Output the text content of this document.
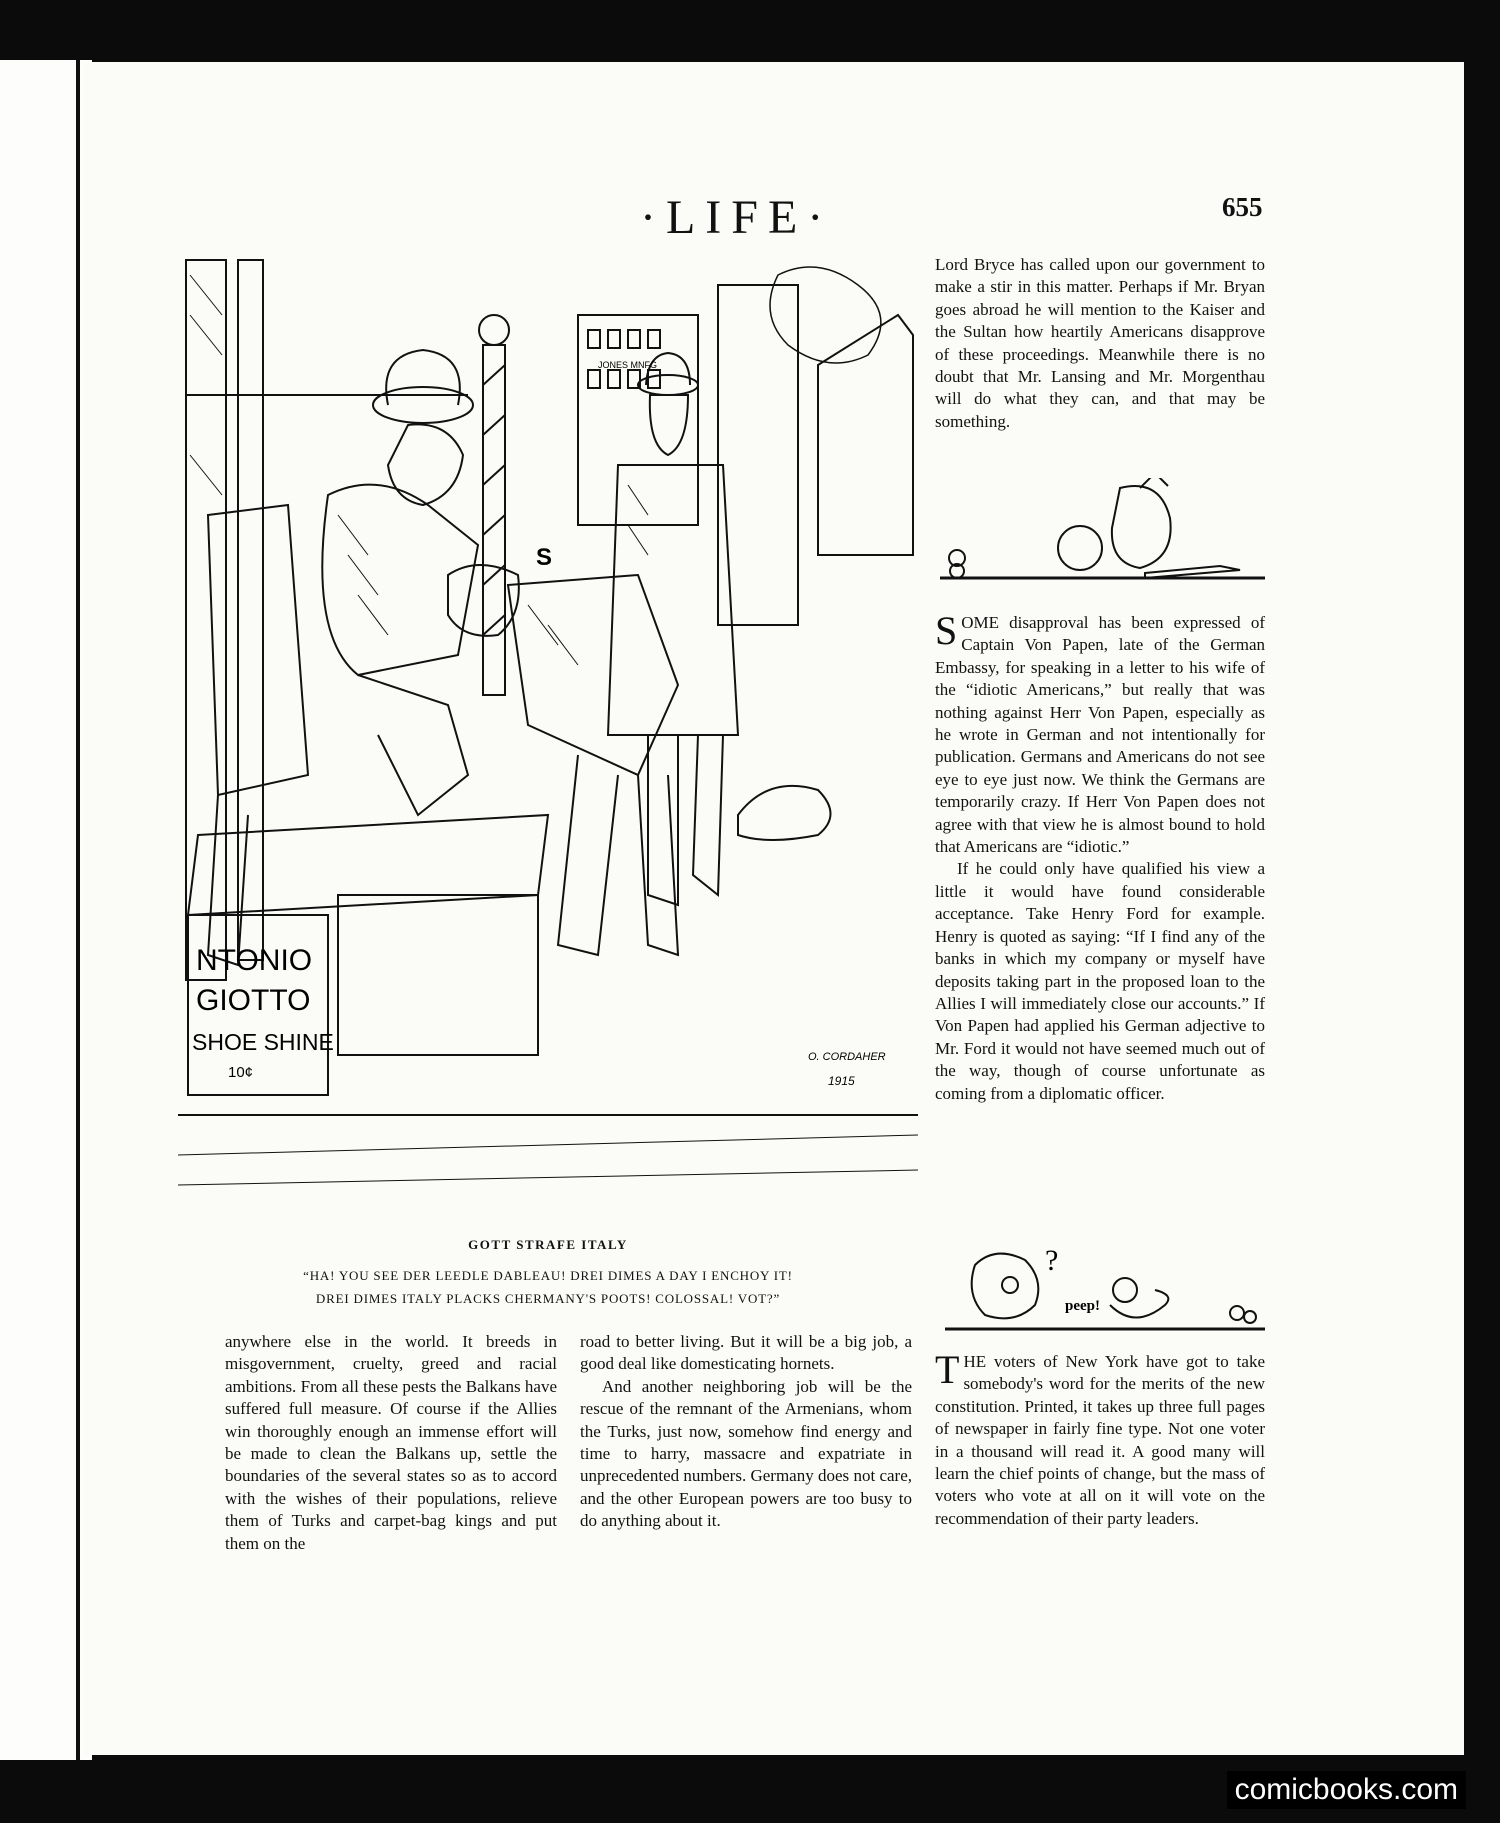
·LIFE·	655
NTONIO
GIOTTO
SHOE SHINE
10¢
JONES MNFG
S
O. CORDAHER
1915
GOTT STRAFE ITALY
“HA! YOU SEE DER LEEDLE DABLEAU! DREI DIMES A DAY I ENCHOY IT!
DREI DIMES ITALY PLACKS CHERMANY'S POOTS! COLOSSAL! VOT?”

Lord Bryce has called upon our government to make a stir in this matter. Perhaps if Mr. Bryan goes abroad he will mention to the Kaiser and the Sultan how heartily Americans disapprove of these proceedings. Meanwhile there is no doubt that Mr. Lansing and Mr. Morgenthau will do what they can, and that may be something.

SOME disapproval has been expressed of Captain Von Papen, late of the German Embassy, for speaking in a letter to his wife of the “idiotic Americans,” but really that was nothing against Herr Von Papen, especially as he wrote in German and not intentionally for publication. Germans and Americans do not see eye to eye just now. We think the Germans are temporarily crazy. If Herr Von Papen does not agree with that view he is almost bound to hold that Americans are “idiotic.”

If he could only have qualified his view a little it would have found considerable acceptance. Take Henry Ford for example. Henry is quoted as saying: “If I find any of the banks in which my company or myself have deposits taking part in the proposed loan to the Allies I will immediately close our accounts.” If Von Papen had applied his German adjective to Mr. Ford it would not have seemed much out of the way, though of course unfortunate as coming from a diplomatic officer.

?
peep!

THE voters of New York have got to take somebody's word for the merits of the new constitution. Printed, it takes up three full pages of newspaper in fairly fine type. Not one voter in a thousand will read it. A good many will learn the chief points of change, but the mass of voters who vote at all on it will vote on the recommendation of their party leaders.

anywhere else in the world. It breeds in misgovernment, cruelty, greed and racial ambitions. From all these pests the Balkans have suffered full measure. Of course if the Allies win thoroughly enough an immense effort will be made to clean the Balkans up, settle the boundaries of the several states so as to accord with the wishes of their populations, relieve them of Turks and carpet-bag kings and put them on the

road to better living. But it will be a big job, a good deal like domesticating hornets.

And another neighboring job will be the rescue of the remnant of the Armenians, whom the Turks, just now, somehow find energy and time to harry, massacre and expatriate in unprecedented numbers. Germany does not care, and the other European powers are too busy to do anything about it.

comicbooks.com
